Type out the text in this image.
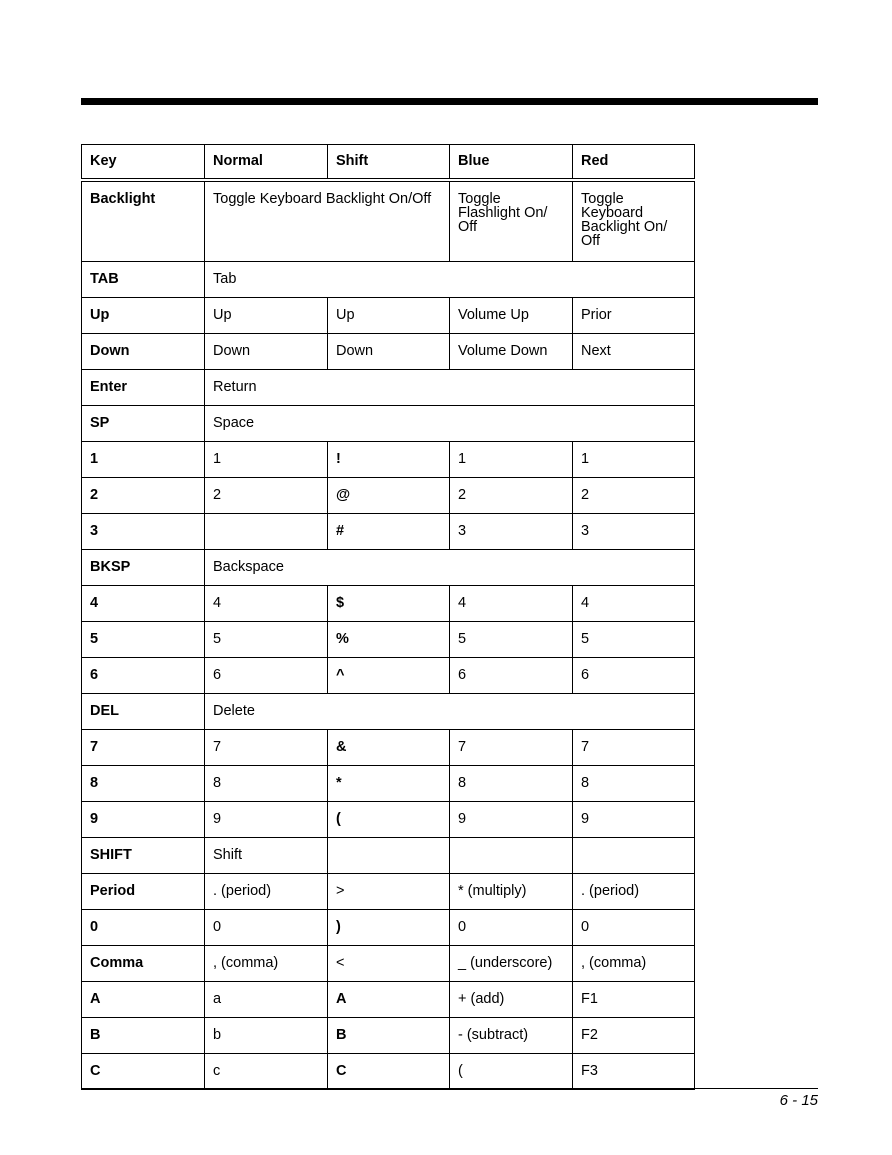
Key	Normal	Shift	Blue	Red
Backlight	Toggle Keyboard Backlight On/Off		Toggle Flashlight On/ Off	Toggle Keyboard Backlight On/ Off
TAB	Tab			
Up	Up	Up	Volume Up	Prior
Down	Down	Down	Volume Down	Next
Enter	Return			
SP	Space			
1	1	!	1	1
2	2	@	2	2
3		#	3	3
BKSP	Backspace			
4	4	$	4	4
5	5	%	5	5
6	6	^	6	6
DEL	Delete			
7	7	&	7	7
8	8	*	8	8
9	9	(	9	9
SHIFT	Shift			
Period	. (period)	>	* (multiply)	. (period)
0	0	)	0	0
Comma	, (comma)	<	_ (underscore)	, (comma)
A	a	A	+ (add)	F1
B	b	B	- (subtract)	F2
C	c	C	(	F3
6 - 15
